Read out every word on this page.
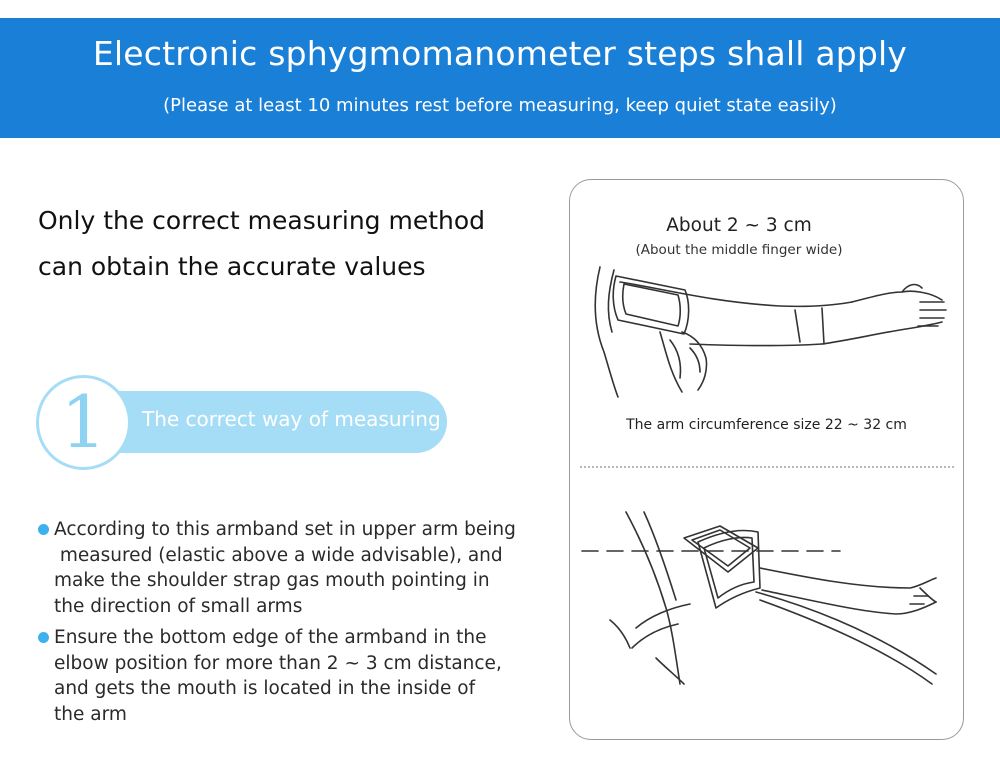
Electronic sphygmomanometer steps shall apply
(Please at least 10 minutes rest before measuring, keep quiet state easily)
Only the correct measuring method
can obtain the accurate values
The correct way of measuring
1
According to this armband set in upper arm being
measured (elastic above a wide advisable), and
make the shoulder strap gas mouth pointing in
the direction of small arms
Ensure the bottom edge of the armband in the
elbow position for more than 2 ~ 3 cm distance,
and gets the mouth is located in the inside of
the arm
About 2 ~ 3 cm
(About the middle finger wide)
The arm circumference size 22 ~ 32 cm
